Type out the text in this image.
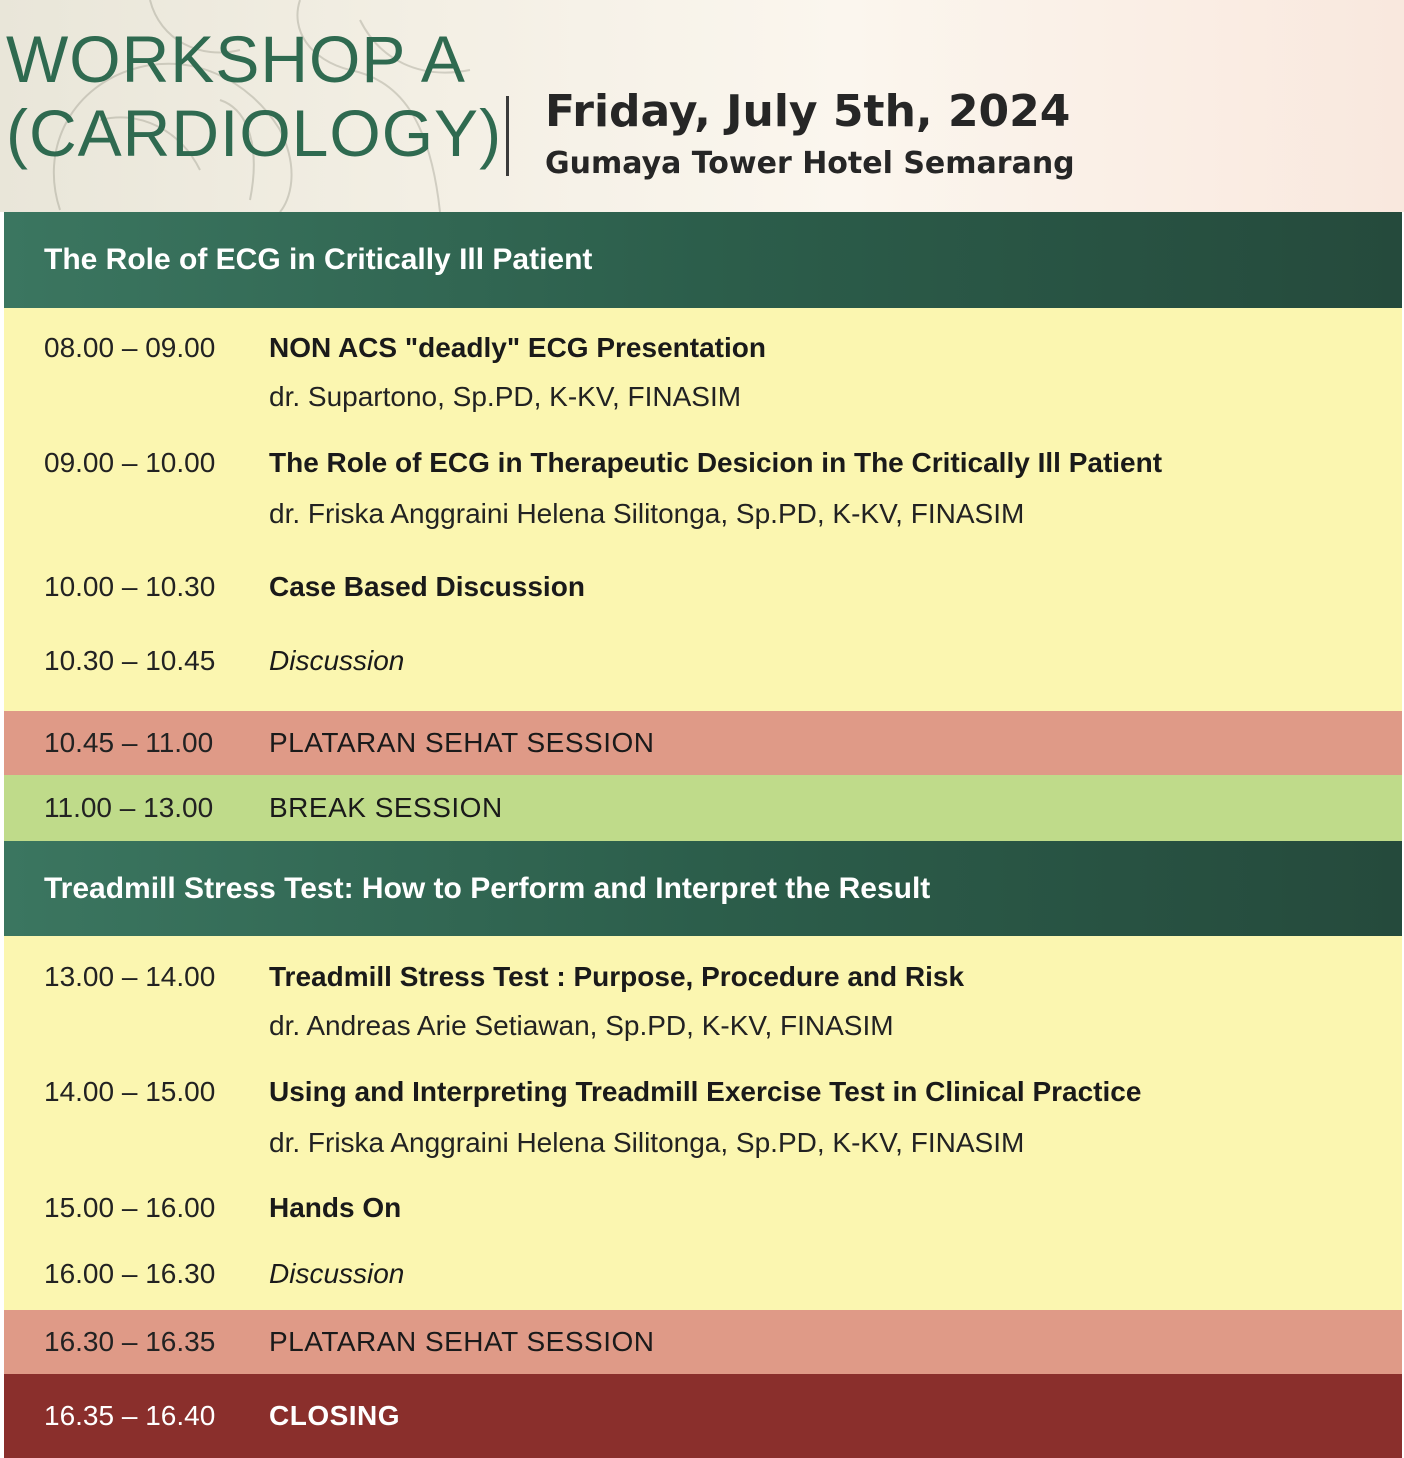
WORKSHOP A
(CARDIOLOGY) Friday, July 5th, 2024
Gumaya Tower Hotel Semarang
The Role of ECG in Critically Ill Patient
08.00 – 09.00 NON ACS "deadly" ECG Presentation
dr. Supartono, Sp.PD, K-KV, FINASIM
09.00 – 10.00 The Role of ECG in Therapeutic Desicion in The Critically Ill Patient
dr. Friska Anggraini Helena Silitonga, Sp.PD, K-KV, FINASIM
10.00 – 10.30 Case Based Discussion
10.30 – 10.45 Discussion
10.45 – 11.00 PLATARAN SEHAT SESSION
11.00 – 13.00 BREAK SESSION
Treadmill Stress Test: How to Perform and Interpret the Result
13.00 – 14.00 Treadmill Stress Test : Purpose, Procedure and Risk
dr. Andreas Arie Setiawan, Sp.PD, K-KV, FINASIM
14.00 – 15.00 Using and Interpreting Treadmill Exercise Test in Clinical Practice
dr. Friska Anggraini Helena Silitonga, Sp.PD, K-KV, FINASIM
15.00 – 16.00 Hands On
16.00 – 16.30 Discussion
16.30 – 16.35 PLATARAN SEHAT SESSION
16.35 – 16.40 CLOSING
